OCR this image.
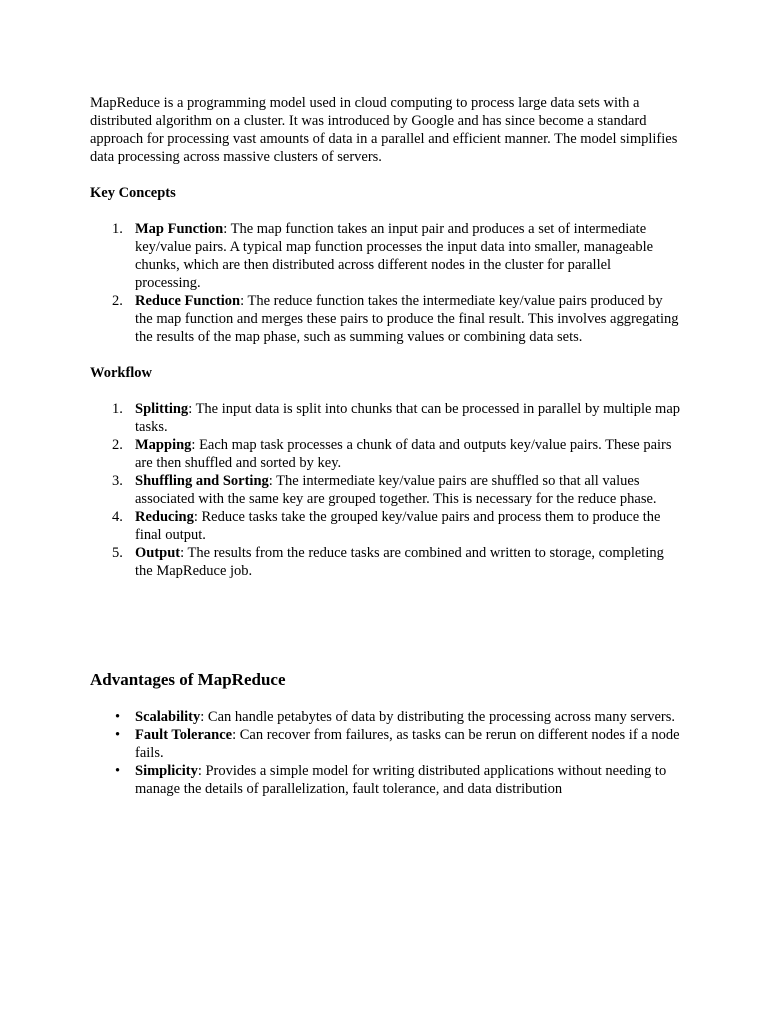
MapReduce is a programming model used in cloud computing to process large data sets with a distributed algorithm on a cluster. It was introduced by Google and has since become a standard approach for processing vast amounts of data in a parallel and efficient manner. The model simplifies data processing across massive clusters of servers.

Key Concepts

1. Map Function: The map function takes an input pair and produces a set of intermediate key/value pairs. A typical map function processes the input data into smaller, manageable chunks, which are then distributed across different nodes in the cluster for parallel processing.
2. Reduce Function: The reduce function takes the intermediate key/value pairs produced by the map function and merges these pairs to produce the final result. This involves aggregating the results of the map phase, such as summing values or combining data sets.

Workflow

1. Splitting: The input data is split into chunks that can be processed in parallel by multiple map tasks.
2. Mapping: Each map task processes a chunk of data and outputs key/value pairs. These pairs are then shuffled and sorted by key.
3. Shuffling and Sorting: The intermediate key/value pairs are shuffled so that all values associated with the same key are grouped together. This is necessary for the reduce phase.
4. Reducing: Reduce tasks take the grouped key/value pairs and process them to produce the final output.
5. Output: The results from the reduce tasks are combined and written to storage, completing the MapReduce job.

Advantages of MapReduce

• Scalability: Can handle petabytes of data by distributing the processing across many servers.
• Fault Tolerance: Can recover from failures, as tasks can be rerun on different nodes if a node fails.
• Simplicity: Provides a simple model for writing distributed applications without needing to manage the details of parallelization, fault tolerance, and data distribution
